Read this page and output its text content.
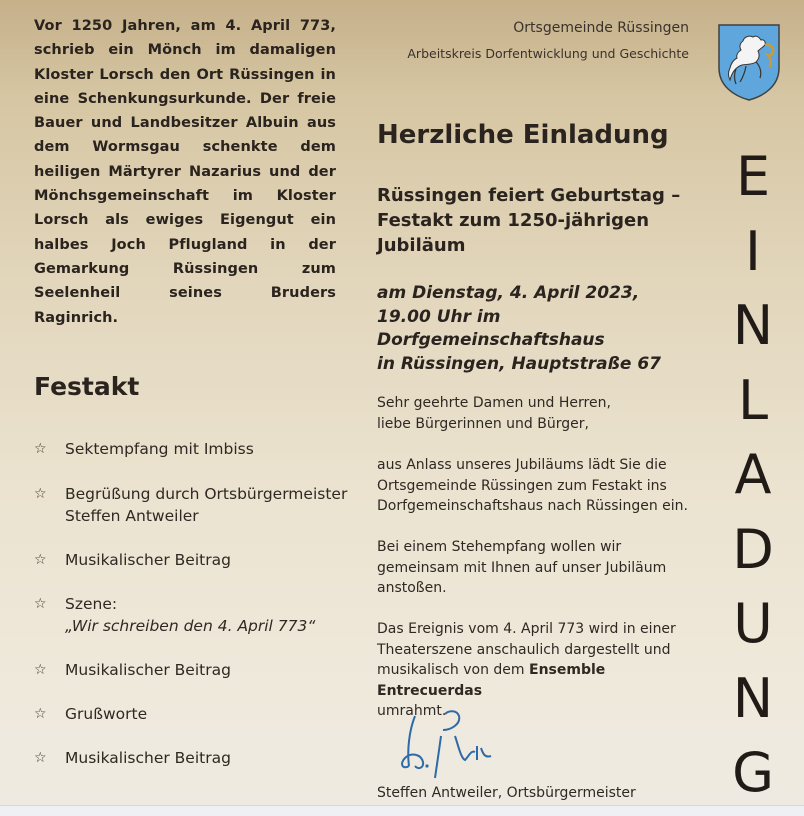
Vor 1250 Jahren, am 4. April 773, schrieb ein Mönch im damaligen Kloster Lorsch den Ort Rüssingen in eine Schenkungsurkunde. Der freie Bauer und Landbesitzer Albuin aus dem Wormsgau schenkte dem heiligen Märtyrer Nazarius und der Mönchsgemeinschaft im Kloster Lorsch als ewiges Eigengut ein halbes Joch Pflugland in der Gemarkung Rüssingen zum Seelenheil seines Bruders Raginrich.

Festakt
☆ Sektempfang mit Imbiss
☆ Begrüßung durch Ortsbürgermeister
Steffen Antweiler
☆ Musikalischer Beitrag
☆ Szene:
„Wir schreiben den 4. April 773“
☆ Musikalischer Beitrag
☆ Grußworte
☆ Musikalischer Beitrag

Ortsgemeinde Rüssingen

Arbeitskreis Dorfentwicklung und Geschichte

Herzliche Einladung

Rüssingen feiert Geburtstag –
Festakt zum 1250-jährigen
Jubiläum

am Dienstag, 4. April 2023,
19.00 Uhr im Dorfgemeinschaftshaus
in Rüssingen, Hauptstraße 67

Sehr geehrte Damen und Herren,
liebe Bürgerinnen und Bürger,

aus Anlass unseres Jubiläums lädt Sie die
Ortsgemeinde Rüssingen zum Festakt ins
Dorfgemeinschaftshaus nach Rüssingen ein.

Bei einem Stehempfang wollen wir
gemeinsam mit Ihnen auf unser Jubiläum
anstoßen.

Das Ereignis vom 4. April 773 wird in einer
Theaterszene anschaulich dargestellt und
musikalisch von dem Ensemble Entrecuerdas
umrahmt.

Steffen Antweiler, Ortsbürgermeister

E
I
N
L
A
D
U
N
G
